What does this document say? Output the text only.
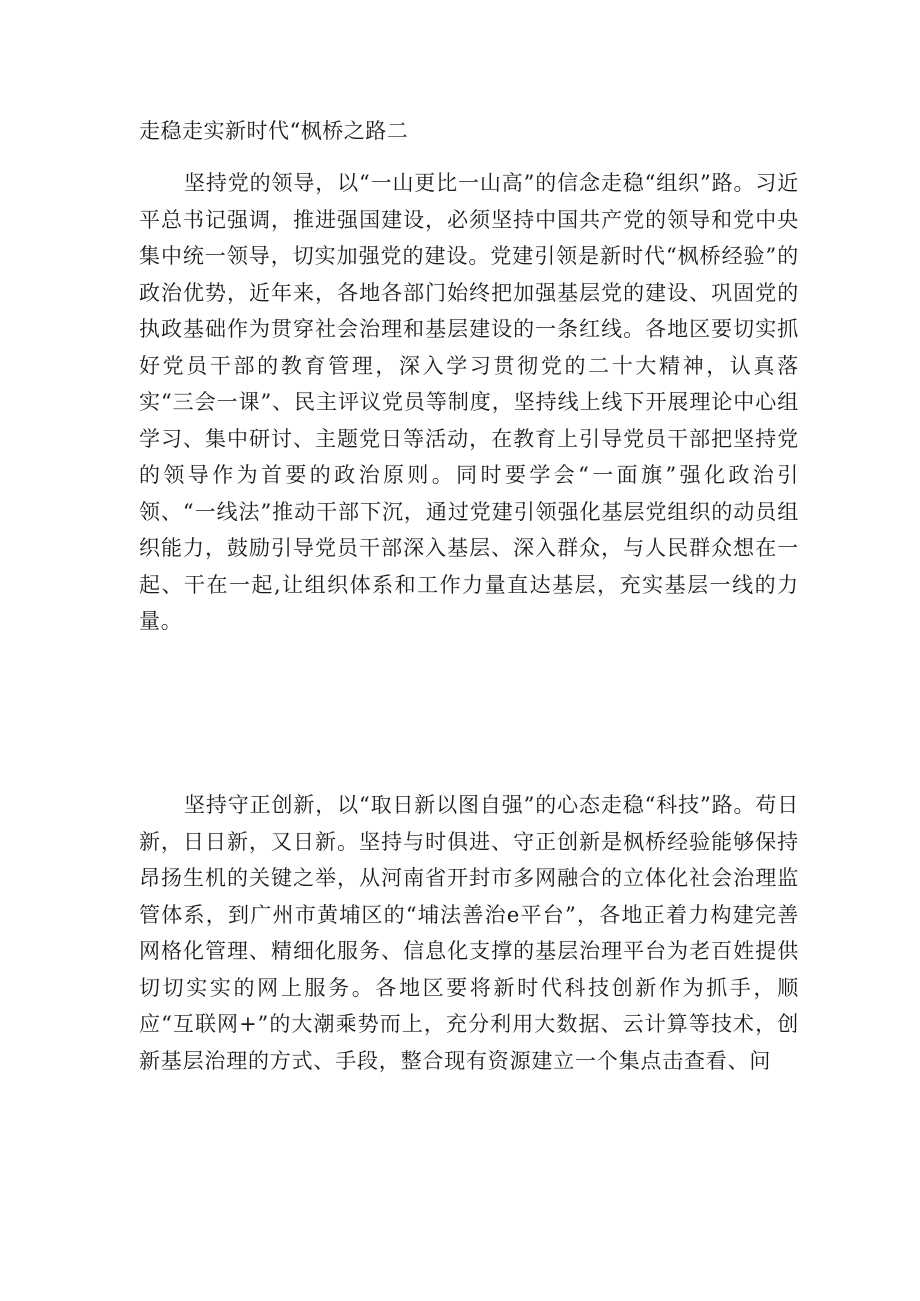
走稳走实新时代“枫桥之路二

坚持党的领导，以“一山更比一山高”的信念走稳“组织”路。习近平总书记强调，推进强国建设，必须坚持中国共产党的领导和党中央集中统一领导，切实加强党的建设。党建引领是新时代“枫桥经验”的政治优势，近年来，各地各部门始终把加强基层党的建设、巩固党的执政基础作为贯穿社会治理和基层建设的一条红线。各地区要切实抓好党员干部的教育管理，深入学习贯彻党的二十大精神，认真落实“三会一课”、民主评议党员等制度，坚持线上线下开展理论中心组学习、集中研讨、主题党日等活动，在教育上引导党员干部把坚持党的领导作为首要的政治原则。同时要学会“一面旗”强化政治引领、“一线法”推动干部下沉，通过党建引领强化基层党组织的动员组织能力，鼓励引导党员干部深入基层、深入群众，与人民群众想在一起、干在一起,让组织体系和工作力量直达基层，充实基层一线的力量。

坚持守正创新，以“取日新以图自强”的心态走稳“科技”路。苟日新，日日新，又日新。坚持与时俱进、守正创新是枫桥经验能够保持昂扬生机的关键之举，从河南省开封市多网融合的立体化社会治理监管体系，到广州市黄埔区的“埔法善治e平台”，各地正着力构建完善网格化管理、精细化服务、信息化支撑的基层治理平台为老百姓提供切切实实的网上服务。各地区要将新时代科技创新作为抓手，顺应“互联网+”的大潮乘势而上，充分利用大数据、云计算等技术，创新基层治理的方式、手段，整合现有资源建立一个集点击查看、问
